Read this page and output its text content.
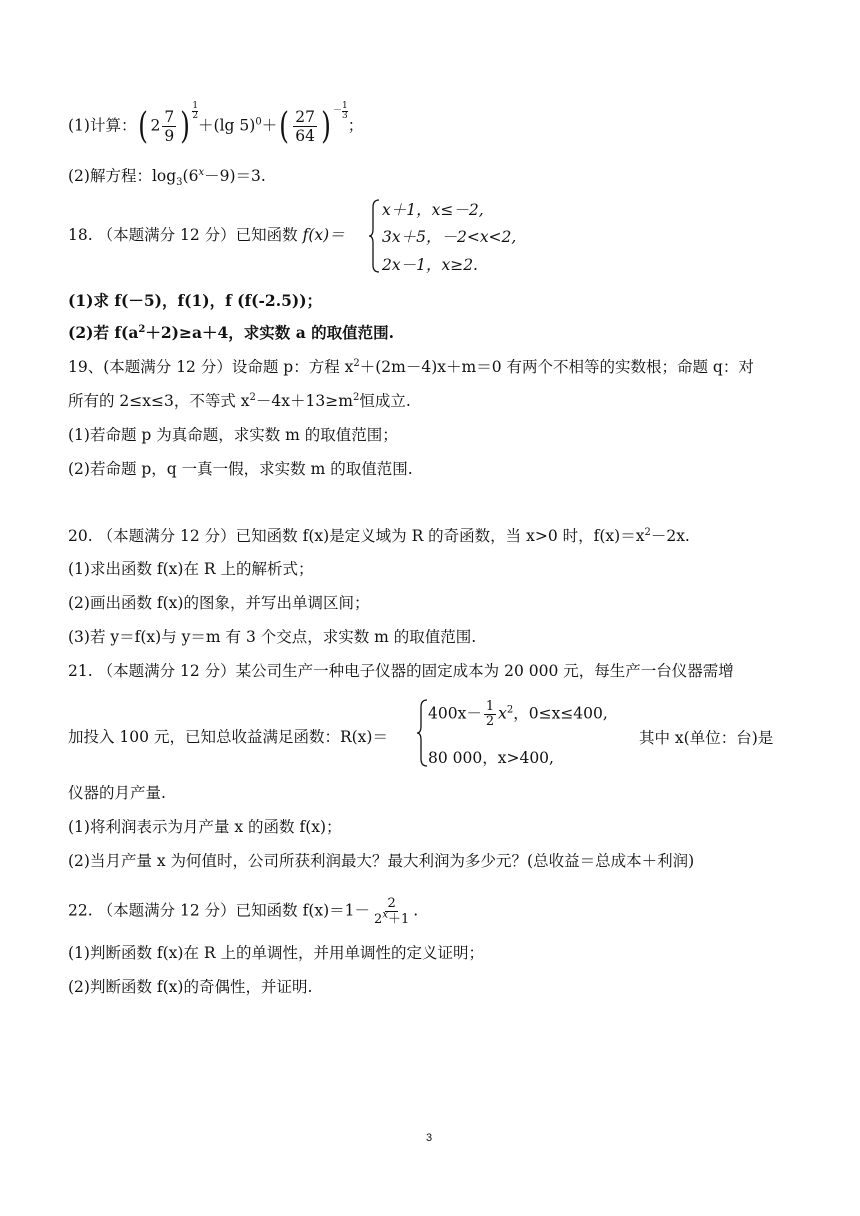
(1)计算：( $2 \frac{7}{9}$ ) $\frac{1}{2}$
＋(lg $5)^0+( \frac{27}{64}$ ) － $\frac{1}{3}$
；
(2)解方程：$\log_3(6^x-9)=3$.
18. （本题满分 12 分）已知函数 f(x)＝
x＋1，x≤－2,
3x＋5，－2<x<2,
2x－1，x≥2.
(1)求 f(－5)，f(1)，f (f(-2.5))；
(2)若 $f(a^2+2)\ge a+4$，求实数 a 的取值范围.
19、(本题满分 12 分）设命题 p：方程 $x^2+(2m-4)x+m=0$ 有两个不相等的实数根；命题 q：对
所有的 2≤x≤3，不等式 $x^2-4x+13\ge m^2$恒成立.
(1)若命题 p 为真命题，求实数 m 的取值范围；
(2)若命题 p，q 一真一假，求实数 m 的取值范围.
20. （本题满分 12 分）已知函数 f(x)是定义域为 R 的奇函数，当 x>0 时，$f(x)=x^2-2x$.
(1)求出函数 f(x)在 R 上的解析式；
(2)画出函数 f(x)的图象，并写出单调区间；
(3)若 y＝f(x)与 y＝m 有 3 个交点，求实数 m 的取值范围.
21. （本题满分 12 分）某公司生产一种电子仪器的固定成本为 20 000 元，每生产一台仪器需增
加投入 100 元，已知总收益满足函数：R(x)＝
$400x- \frac{1}{2} x^2$，0≤x≤400,
80 000，x>400,
其中 x(单位：台)是
仪器的月产量.
(1)将利润表示为月产量 x 的函数 f(x)；
(2)当月产量 x 为何值时，公司所获利润最大？最大利润为多少元？(总收益＝总成本＋利润)
22. （本题满分 12 分）已知函数 $f(x)=1- \frac{2}{2^x+1}$ .
(1)判断函数 f(x)在 R 上的单调性，并用单调性的定义证明；
(2)判断函数 f(x)的奇偶性，并证明.
3
